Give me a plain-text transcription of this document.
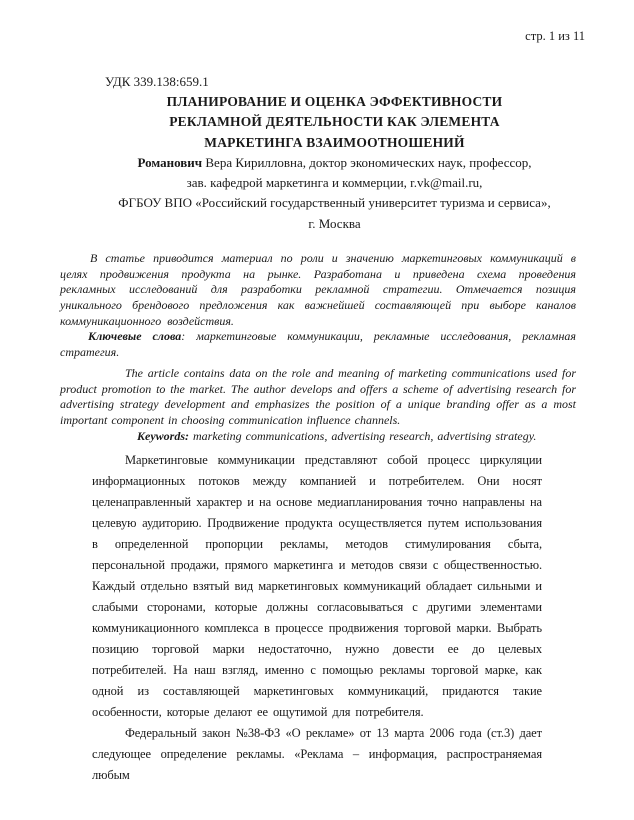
стр. 1 из 11
УДК 339.138:659.1
ПЛАНИРОВАНИЕ И ОЦЕНКА ЭФФЕКТИВНОСТИ
РЕКЛАМНОЙ ДЕЯТЕЛЬНОСТИ КАК ЭЛЕМЕНТА
МАРКЕТИНГА ВЗАИМООТНОШЕНИЙ
Романович Вера Кирилловна, доктор экономических наук, профессор,
зав. кафедрой маркетинга и коммерции, r.vk@mail.ru,
ФГБОУ ВПО «Российский государственный университет туризма и сервиса»,
г. Москва

В статье приводится материал по роли и значению маркетинговых коммуникаций в целях продвижения продукта на рынке. Разработана и приведена схема проведения рекламных исследований для разработки рекламной стратегии. Отмечается позиция уникального брендового предложения как важнейшей составляющей при выборе каналов коммуникационного воздействия.

Ключевые слова: маркетинговые коммуникации, рекламные исследования, рекламная стратегия.

The article contains data on the role and meaning of marketing communications used for product promotion to the market. The author develops and offers a scheme of advertising research for advertising strategy development and emphasizes the position of a unique branding offer as a most important component in choosing communication influence channels.

Keywords: marketing communications, advertising research, advertising strategy.

Маркетинговые коммуникации представляют собой процесс циркуляции информационных потоков между компанией и потребителем. Они носят целенаправленный характер и на основе медиапланирования точно направлены на целевую аудиторию. Продвижение продукта осуществляется путем использования в определенной пропорции рекламы, методов стимулирования сбыта, персональной продажи, прямого маркетинга и методов связи с общественностью. Каждый отдельно взятый вид маркетинговых коммуникаций обладает сильными и слабыми сторонами, которые должны согласовываться с другими элементами коммуникационного комплекса в процессе продвижения торговой марки. Выбрать позицию торговой марки недостаточно, нужно довести ее до целевых потребителей. На наш взгляд, именно с помощью рекламы торговой марке, как одной из составляющей маркетинговых коммуникаций, придаются такие особенности, которые делают ее ощутимой для потребителя.

Федеральный закон №38-ФЗ «О рекламе» от 13 марта 2006 года (ст.3) дает следующее определение рекламы. «Реклама – информация, распространяемая любым
